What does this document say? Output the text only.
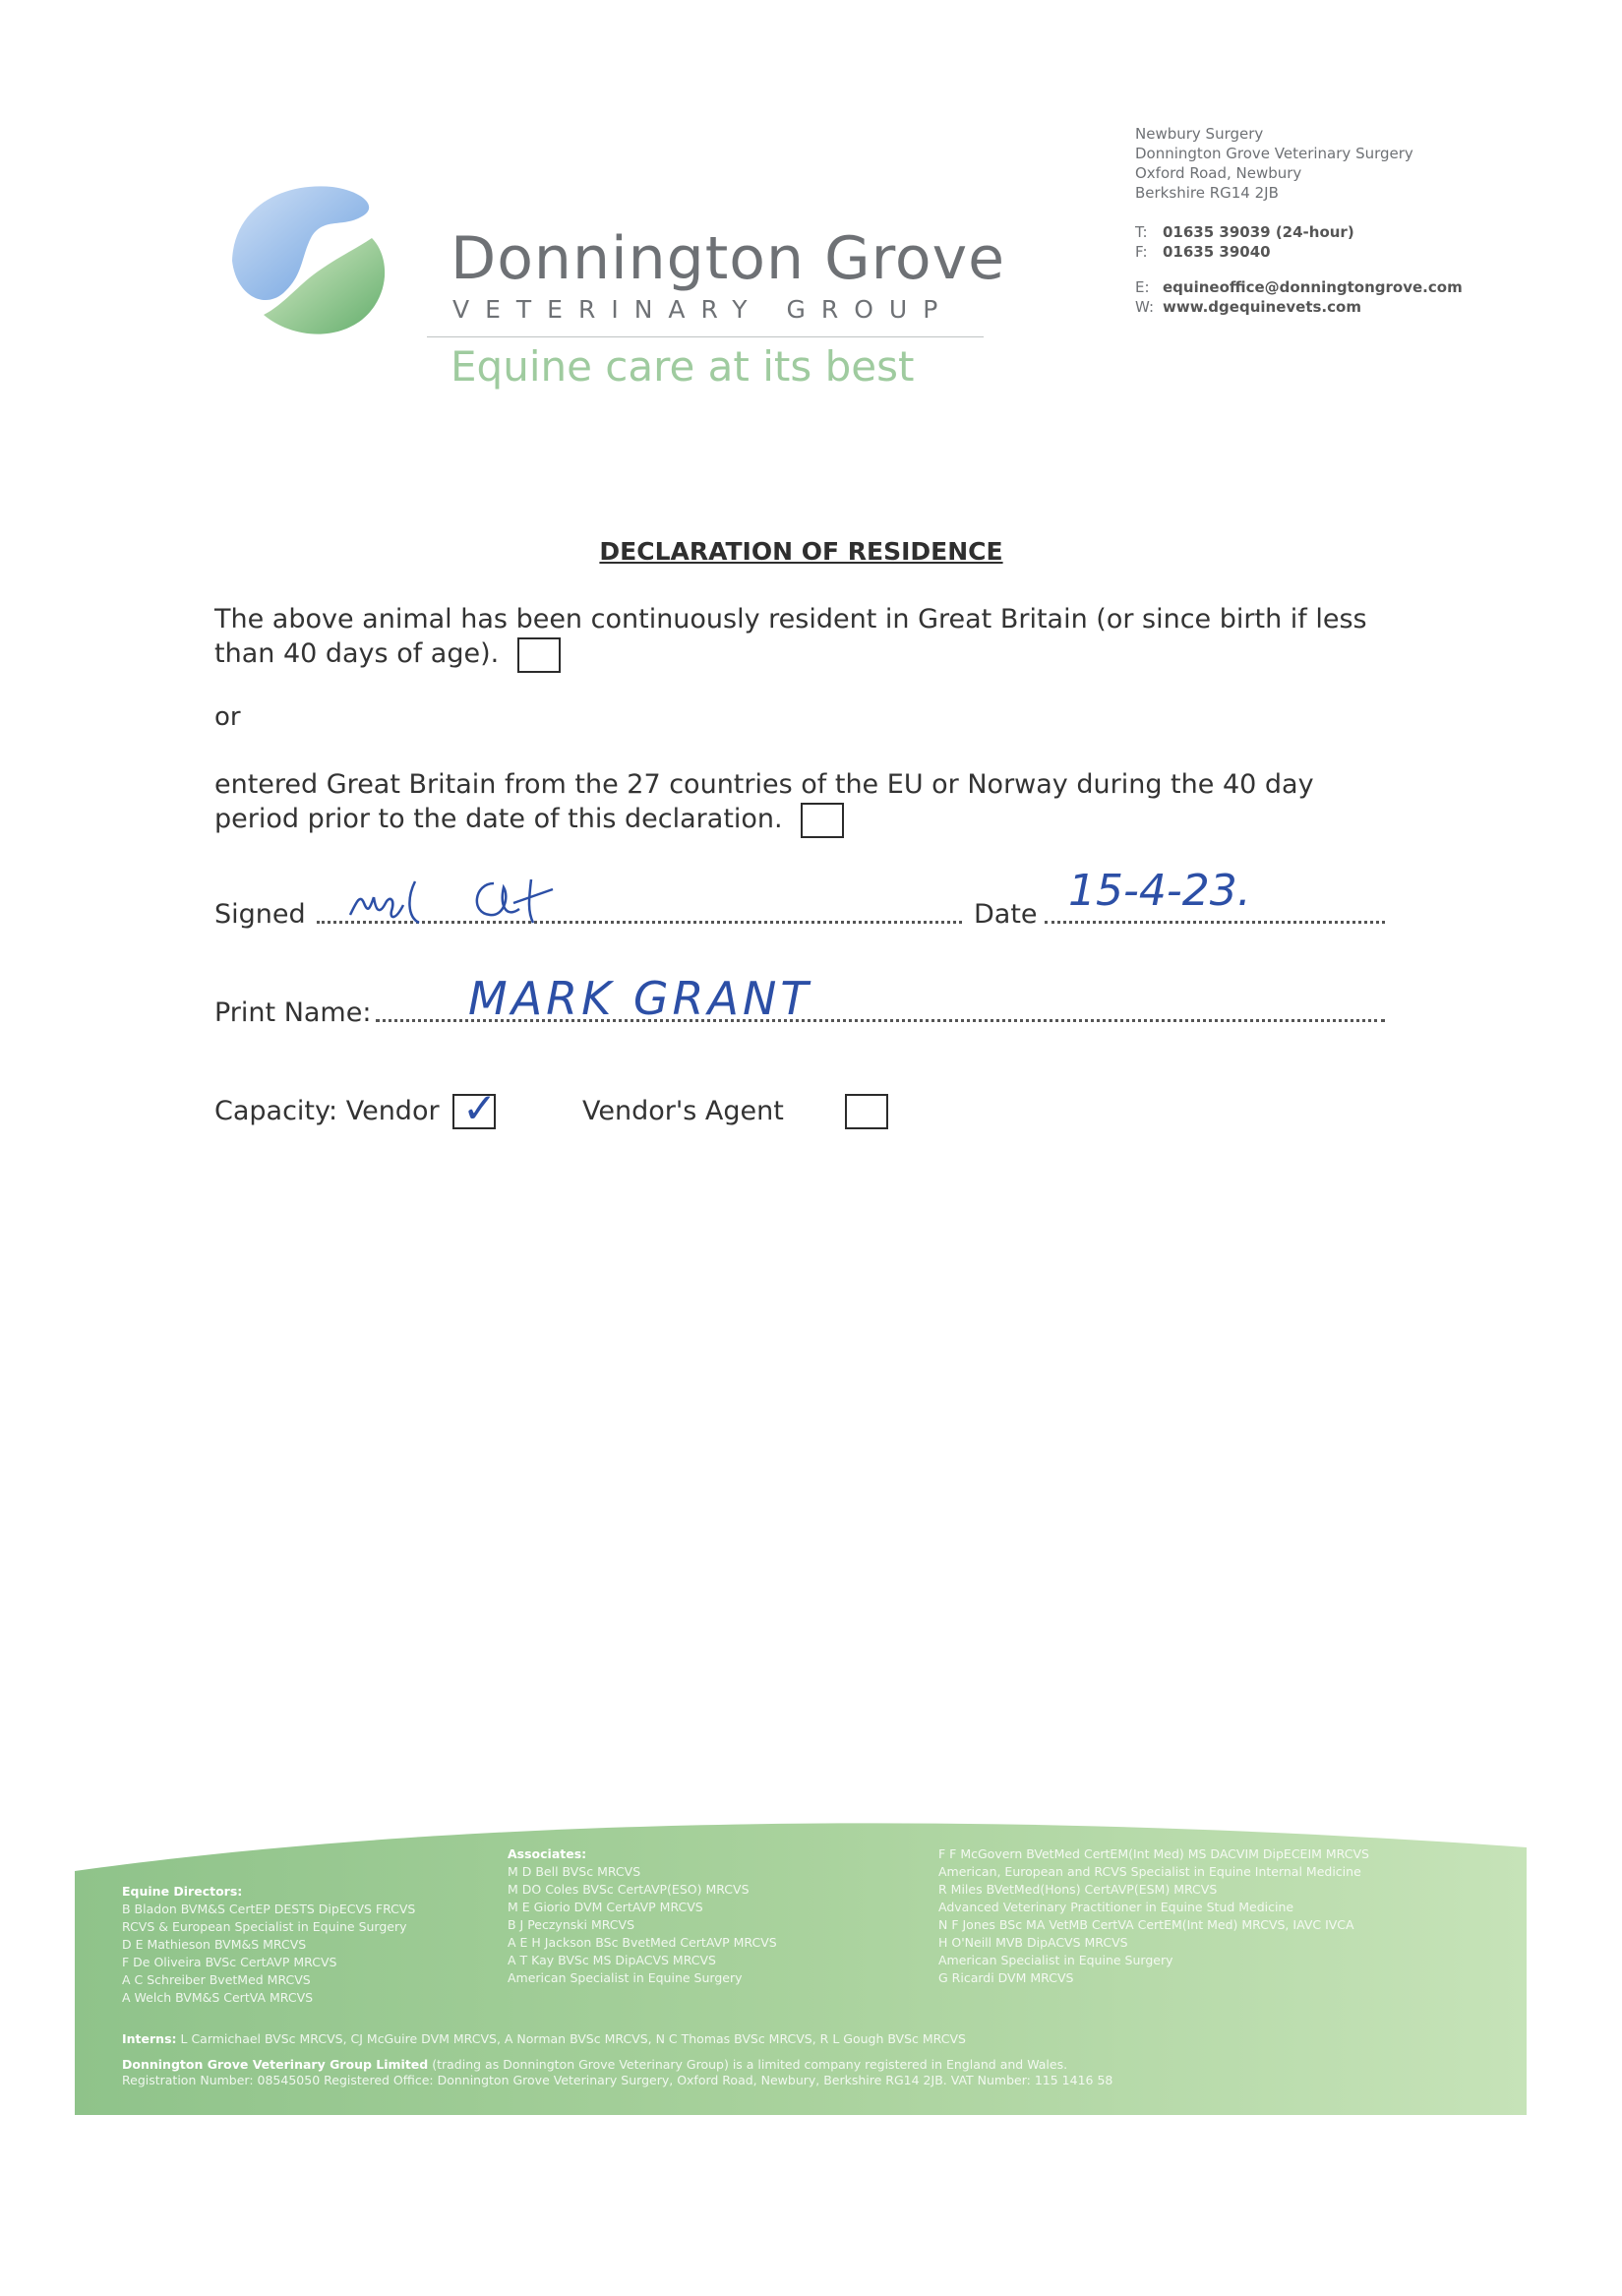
Donnington Grove
VETERINARY GROUP
Equine care at its best
Newbury Surgery
Donnington Grove Veterinary Surgery
Oxford Road, Newbury
Berkshire RG14 2JB
T: 01635 39039 (24-hour)
F: 01635 39040
E: equineoffice@donningtongrove.com
W: www.dgequinevets.com
DECLARATION OF RESIDENCE
The above animal has been continuously resident in Great Britain (or since birth if less than 40 days of age).
or
entered Great Britain from the 27 countries of the EU or Norway during the 40 day period prior to the date of this declaration.
Signed	Date 15-4-23.
Print Name: MARK GRANT
Capacity: Vendor ✓
	Vendor's Agent
Equine Directors:
B Bladon BVM&S CertEP DESTS DipECVS FRCVS
RCVS & European Specialist in Equine Surgery
D E Mathieson BVM&S MRCVS
F De Oliveira BVSc CertAVP MRCVS
A C Schreiber BvetMed MRCVS
A Welch BVM&S CertVA MRCVS
Associates:
M D Bell BVSc MRCVS
M DO Coles BVSc CertAVP(ESO) MRCVS
M E Giorio DVM CertAVP MRCVS
B J Peczynski MRCVS
A E H Jackson BSc BvetMed CertAVP MRCVS
A T Kay BVSc MS DipACVS MRCVS
American Specialist in Equine Surgery
F F McGovern BVetMed CertEM(Int Med) MS DACVIM DipECEIM MRCVS
American, European and RCVS Specialist in Equine Internal Medicine
R Miles BVetMed(Hons) CertAVP(ESM) MRCVS
Advanced Veterinary Practitioner in Equine Stud Medicine
N F Jones BSc MA VetMB CertVA CertEM(Int Med) MRCVS, IAVC IVCA
H O'Neill MVB DipACVS MRCVS
American Specialist in Equine Surgery
G Ricardi DVM MRCVS
Interns: L Carmichael BVSc MRCVS, CJ McGuire DVM MRCVS, A Norman BVSc MRCVS, N C Thomas BVSc MRCVS, R L Gough BVSc MRCVS
Donnington Grove Veterinary Group Limited (trading as Donnington Grove Veterinary Group) is a limited company registered in England and Wales.
Registration Number: 08545050 Registered Office: Donnington Grove Veterinary Surgery, Oxford Road, Newbury, Berkshire RG14 2JB. VAT Number: 115 1416 58
